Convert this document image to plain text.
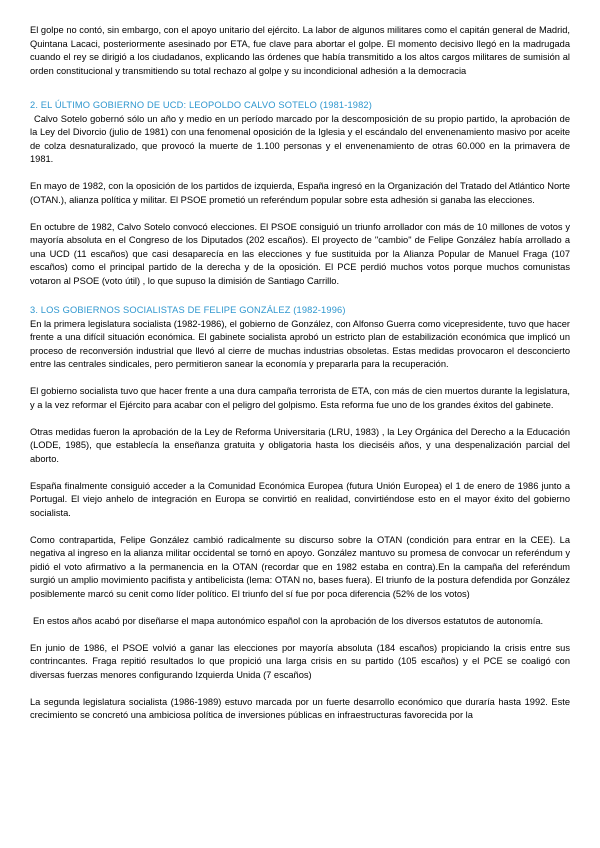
El golpe no contó, sin embargo, con el apoyo unitario del ejército. La labor de algunos militares como el capitán general de Madrid, Quintana Lacaci, posteriormente asesinado por ETA, fue clave para abortar el golpe. El momento decisivo llegó en la madrugada cuando el rey se dirigió a los ciudadanos, explicando las órdenes que había transmitido a los altos cargos militares de sumisión al orden constitucional y transmitiendo su total rechazo al golpe y su incondicional adhesión a la democracia

2. EL ÚLTIMO GOBIERNO DE UCD: LEOPOLDO CALVO SOTELO (1981-1982)

Calvo Sotelo gobernó sólo un año y medio en un período marcado por la descomposición de su propio partido, la aprobación de la Ley del Divorcio (julio de 1981) con una fenomenal oposición de la Iglesia y el escándalo del envenenamiento masivo por aceite de colza desnaturalizado, que provocó la muerte de 1.100 personas y el envenenamiento de otras 60.000 en la primavera de 1981.

En mayo de 1982, con la oposición de los partidos de izquierda, España ingresó en la Organización del Tratado del Atlántico Norte (OTAN.), alianza política y militar. El PSOE prometió un referéndum popular sobre esta adhesión si ganaba las elecciones.

En octubre de 1982, Calvo Sotelo convocó elecciones. El PSOE consiguió un triunfo arrollador con más de 10 millones de votos y mayoría absoluta en el Congreso de los Diputados (202 escaños). El proyecto de "cambio" de Felipe González había arrollado a una UCD (11 escaños) que casi desaparecía en las elecciones y fue sustituida por la Alianza Popular de Manuel Fraga (107 escaños) como el principal partido de la derecha y de la oposición. El PCE perdió muchos votos porque muchos comunistas votaron al PSOE (voto útil) , lo que supuso la dimisión de Santiago Carrillo.

3. LOS GOBIERNOS SOCIALISTAS DE FELIPE GONZÁLEZ (1982-1996)

En la primera legislatura socialista (1982-1986), el gobierno de González, con Alfonso Guerra como vicepresidente, tuvo que hacer frente a una difícil situación económica. El gabinete socialista aprobó un estricto plan de estabilización económica que implicó un proceso de reconversión industrial que llevó al cierre de muchas industrias obsoletas. Estas medidas provocaron el desconcierto entre las centrales sindicales, pero permitieron sanear la economía y prepararla para la recuperación.

El gobierno socialista tuvo que hacer frente a una dura campaña terrorista de ETA, con más de cien muertos durante la legislatura, y a la vez reformar el Ejército para acabar con el peligro del golpismo. Esta reforma fue uno de los grandes éxitos del gabinete.

Otras medidas fueron la aprobación de la Ley de Reforma Universitaria (LRU, 1983) , la Ley Orgánica del Derecho a la Educación (LODE, 1985), que establecía la enseñanza gratuita y obligatoria hasta los dieciséis años, y una despenalización parcial del aborto.

España finalmente consiguió acceder a la Comunidad Económica Europea (futura Unión Europea) el 1 de enero de 1986 junto a Portugal. El viejo anhelo de integración en Europa se convirtió en realidad, convirtiéndose esto en el mayor éxito del gobierno socialista.

Como contrapartida, Felipe González cambió radicalmente su discurso sobre la OTAN (condición para entrar en la CEE). La negativa al ingreso en la alianza militar occidental se tornó en apoyo. González mantuvo su promesa de convocar un referéndum y pidió el voto afirmativo a la permanencia en la OTAN (recordar que en 1982 estaba en contra).En la campaña del referéndum surgió un amplio movimiento pacifista y antibelicista (lema: OTAN no, bases fuera). El triunfo de la postura defendida por González posiblemente marcó su cenit como líder político. El triunfo del sí fue por poca diferencia (52% de los votos)

En estos años acabó por diseñarse el mapa autonómico español con la aprobación de los diversos estatutos de autonomía.

En junio de 1986, el PSOE volvió a ganar las elecciones por mayoría absoluta (184 escaños) propiciando la crisis entre sus contrincantes. Fraga repitió resultados lo que propició una larga crisis en su partido (105 escaños) y el PCE se coaligó con diversas fuerzas menores configurando Izquierda Unida (7 escaños)

La segunda legislatura socialista (1986-1989) estuvo marcada por un fuerte desarrollo económico que duraría hasta 1992. Este crecimiento se concretó una ambiciosa política de inversiones públicas en infraestructuras favorecida por la
